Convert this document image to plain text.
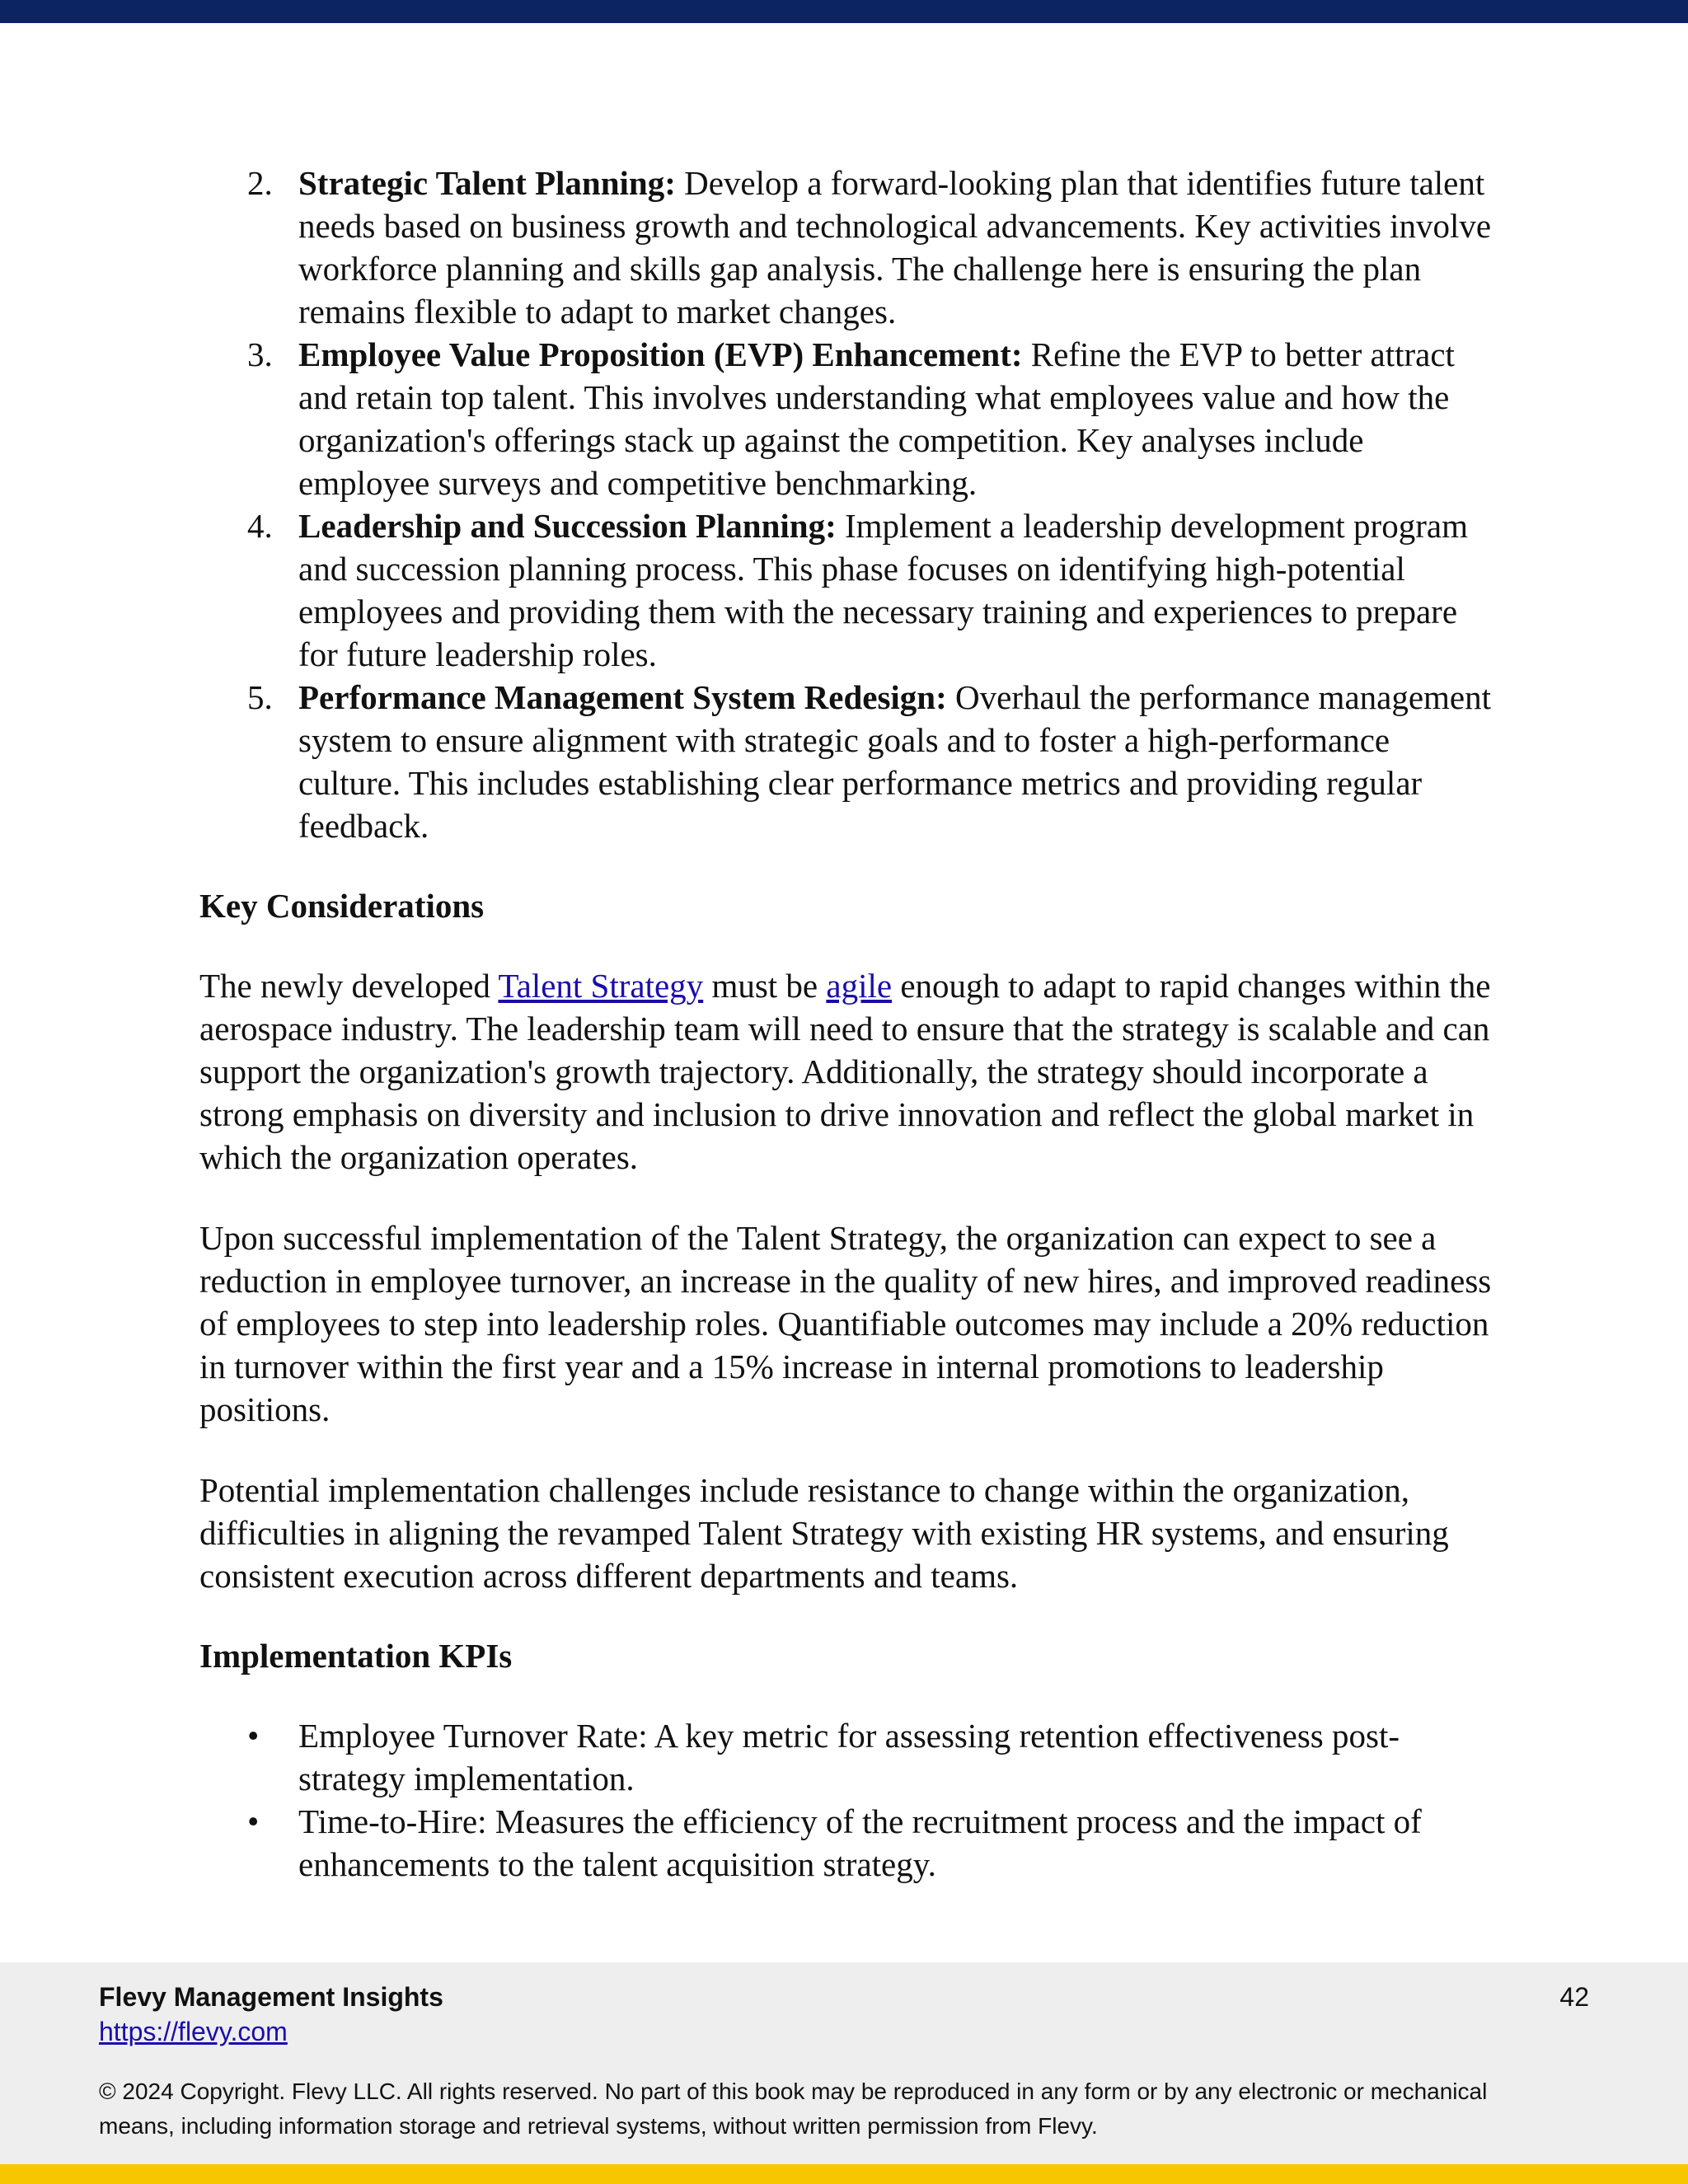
2. Strategic Talent Planning: Develop a forward-looking plan that identifies future talent needs based on business growth and technological advancements. Key activities involve workforce planning and skills gap analysis. The challenge here is ensuring the plan remains flexible to adapt to market changes.
3. Employee Value Proposition (EVP) Enhancement: Refine the EVP to better attract and retain top talent. This involves understanding what employees value and how the organization's offerings stack up against the competition. Key analyses include employee surveys and competitive benchmarking.
4. Leadership and Succession Planning: Implement a leadership development program and succession planning process. This phase focuses on identifying high-potential employees and providing them with the necessary training and experiences to prepare for future leadership roles.
5. Performance Management System Redesign: Overhaul the performance management system to ensure alignment with strategic goals and to foster a high-performance culture. This includes establishing clear performance metrics and providing regular feedback.
Key Considerations

The newly developed Talent Strategy must be agile enough to adapt to rapid changes within the aerospace industry. The leadership team will need to ensure that the strategy is scalable and can support the organization's growth trajectory. Additionally, the strategy should incorporate a strong emphasis on diversity and inclusion to drive innovation and reflect the global market in which the organization operates.

Upon successful implementation of the Talent Strategy, the organization can expect to see a reduction in employee turnover, an increase in the quality of new hires, and improved readiness of employees to step into leadership roles. Quantifiable outcomes may include a 20% reduction in turnover within the first year and a 15% increase in internal promotions to leadership positions.

Potential implementation challenges include resistance to change within the organization, difficulties in aligning the revamped Talent Strategy with existing HR systems, and ensuring consistent execution across different departments and teams.

Implementation KPIs
• Employee Turnover Rate: A key metric for assessing retention effectiveness post-strategy implementation.
• Time-to-Hire: Measures the efficiency of the recruitment process and the impact of enhancements to the talent acquisition strategy.
Flevy Management Insights
https://flevy.com
42
© 2024 Copyright. Flevy LLC. All rights reserved. No part of this book may be reproduced in any form or by any electronic or mechanical means, including information storage and retrieval systems, without written permission from Flevy.
